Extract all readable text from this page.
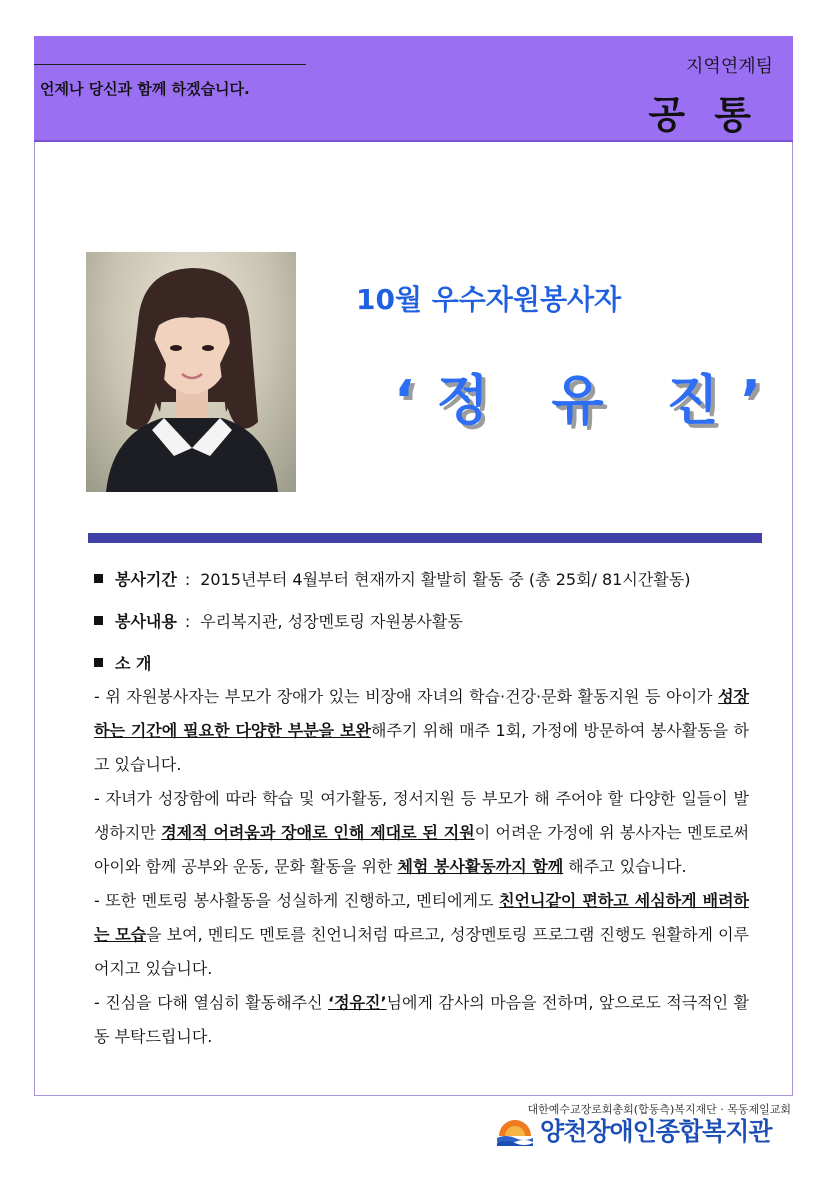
언제나 당신과 함께 하겠습니다.
지역연계팀
공 통
10월 우수자원봉사자
‘정 유 진’
봉사기간 : 2015년부터 4월부터 현재까지 활발히 활동 중 (총 25회/ 81시간활동)
봉사내용 : 우리복지관, 성장멘토링 자원봉사활동
소 개

- 위 자원봉사자는 부모가 장애가 있는 비장애 자녀의 학습·건강·문화 활동지원 등 아이가 성장하는 기간에 필요한 다양한 부분을 보완해주기 위해 매주 1회, 가정에 방문하여 봉사활동을 하고 있습니다.

- 자녀가 성장함에 따라 학습 및 여가활동, 정서지원 등 부모가 해 주어야 할 다양한 일들이 발생하지만 경제적 어려움과 장애로 인해 제대로 된 지원이 어려운 가정에 위 봉사자는 멘토로써 아이와 함께 공부와 운동, 문화 활동을 위한 체험 봉사활동까지 함께 해주고 있습니다.

- 또한 멘토링 봉사활동을 성실하게 진행하고, 멘티에게도 친언니같이 편하고 세심하게 배려하는 모습을 보여, 멘티도 멘토를 친언니처럼 따르고, 성장멘토링 프로그램 진행도 원활하게 이루어지고 있습니다.

- 진심을 다해 열심히 활동해주신 ‘정유진’님에게 감사의 마음을 전하며, 앞으로도 적극적인 활동 부탁드립니다.

대한예수교장로회총회(합동측)복지재단 · 목동제일교회
양천장애인종합복지관
